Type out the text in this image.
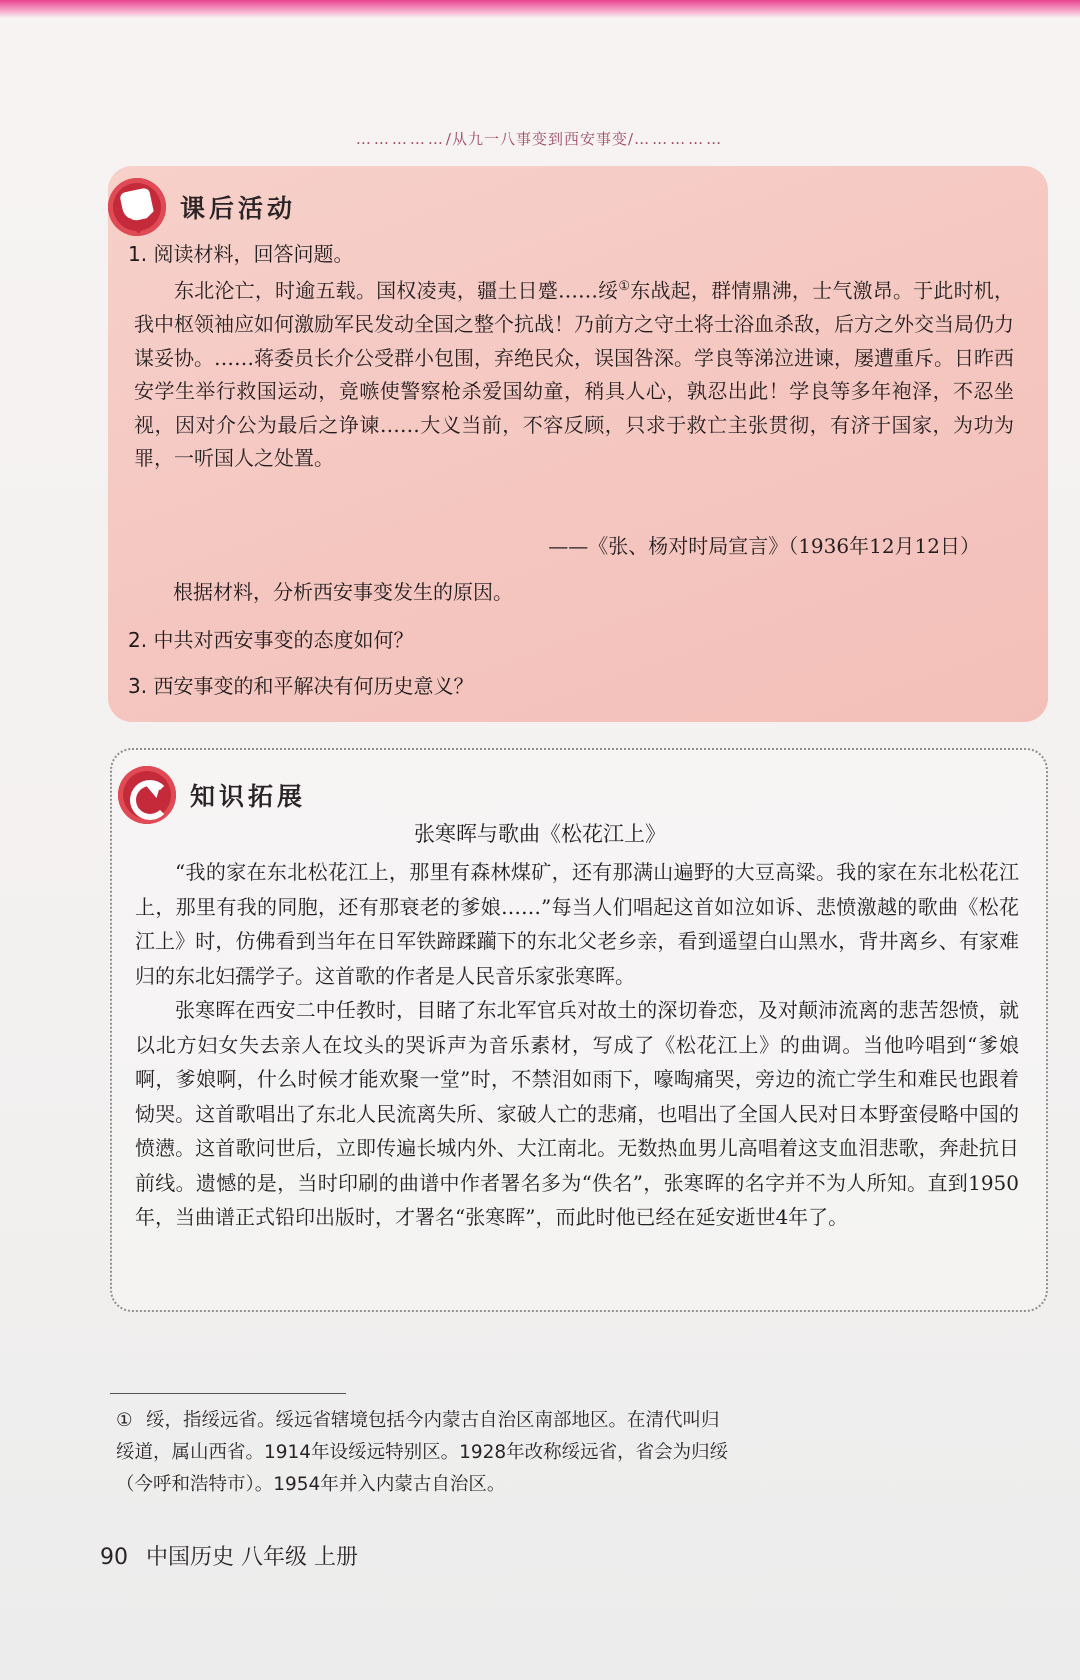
……………/从九一八事变到西安事变/……………
课后活动
1. 阅读材料，回答问题。

东北沦亡，时逾五载。国权凌夷，疆土日蹙……绥①东战起，群情鼎沸，士气激昂。于此时机，我中枢领袖应如何激励军民发动全国之整个抗战！乃前方之守土将士浴血杀敌，后方之外交当局仍力谋妥协。……蒋委员长介公受群小包围，弃绝民众，误国咎深。学良等涕泣进谏，屡遭重斥。日昨西安学生举行救国运动，竟嗾使警察枪杀爱国幼童，稍具人心，孰忍出此！学良等多年袍泽，不忍坐视，因对介公为最后之诤谏……大义当前，不容反顾，只求于救亡主张贯彻，有济于国家，为功为罪，一听国人之处置。

——《张、杨对时局宣言》（1936年12月12日）
根据材料，分析西安事变发生的原因。
2. 中共对西安事变的态度如何？
3. 西安事变的和平解决有何历史意义？
知识拓展
张寒晖与歌曲《松花江上》

“我的家在东北松花江上，那里有森林煤矿，还有那满山遍野的大豆高粱。我的家在东北松花江上，那里有我的同胞，还有那衰老的爹娘……”每当人们唱起这首如泣如诉、悲愤激越的歌曲《松花江上》时，仿佛看到当年在日军铁蹄蹂躏下的东北父老乡亲，看到遥望白山黑水，背井离乡、有家难归的东北妇孺学子。这首歌的作者是人民音乐家张寒晖。

张寒晖在西安二中任教时，目睹了东北军官兵对故土的深切眷恋，及对颠沛流离的悲苦怨愤，就以北方妇女失去亲人在坟头的哭诉声为音乐素材，写成了《松花江上》的曲调。当他吟唱到“爹娘啊，爹娘啊，什么时候才能欢聚一堂”时，不禁泪如雨下，嚎啕痛哭，旁边的流亡学生和难民也跟着恸哭。这首歌唱出了东北人民流离失所、家破人亡的悲痛，也唱出了全国人民对日本野蛮侵略中国的愤懑。这首歌问世后，立即传遍长城内外、大江南北。无数热血男儿高唱着这支血泪悲歌，奔赴抗日前线。遗憾的是，当时印刷的曲谱中作者署名多为“佚名”，张寒晖的名字并不为人所知。直到1950年，当曲谱正式铅印出版时，才署名“张寒晖”，而此时他已经在延安逝世4年了。

① 绥，指绥远省。绥远省辖境包括今内蒙古自治区南部地区。在清代叫归绥道，属山西省。1914年设绥远特别区。1928年改称绥远省，省会为归绥（今呼和浩特市）。1954年并入内蒙古自治区。
90 中国历史 八年级 上册
